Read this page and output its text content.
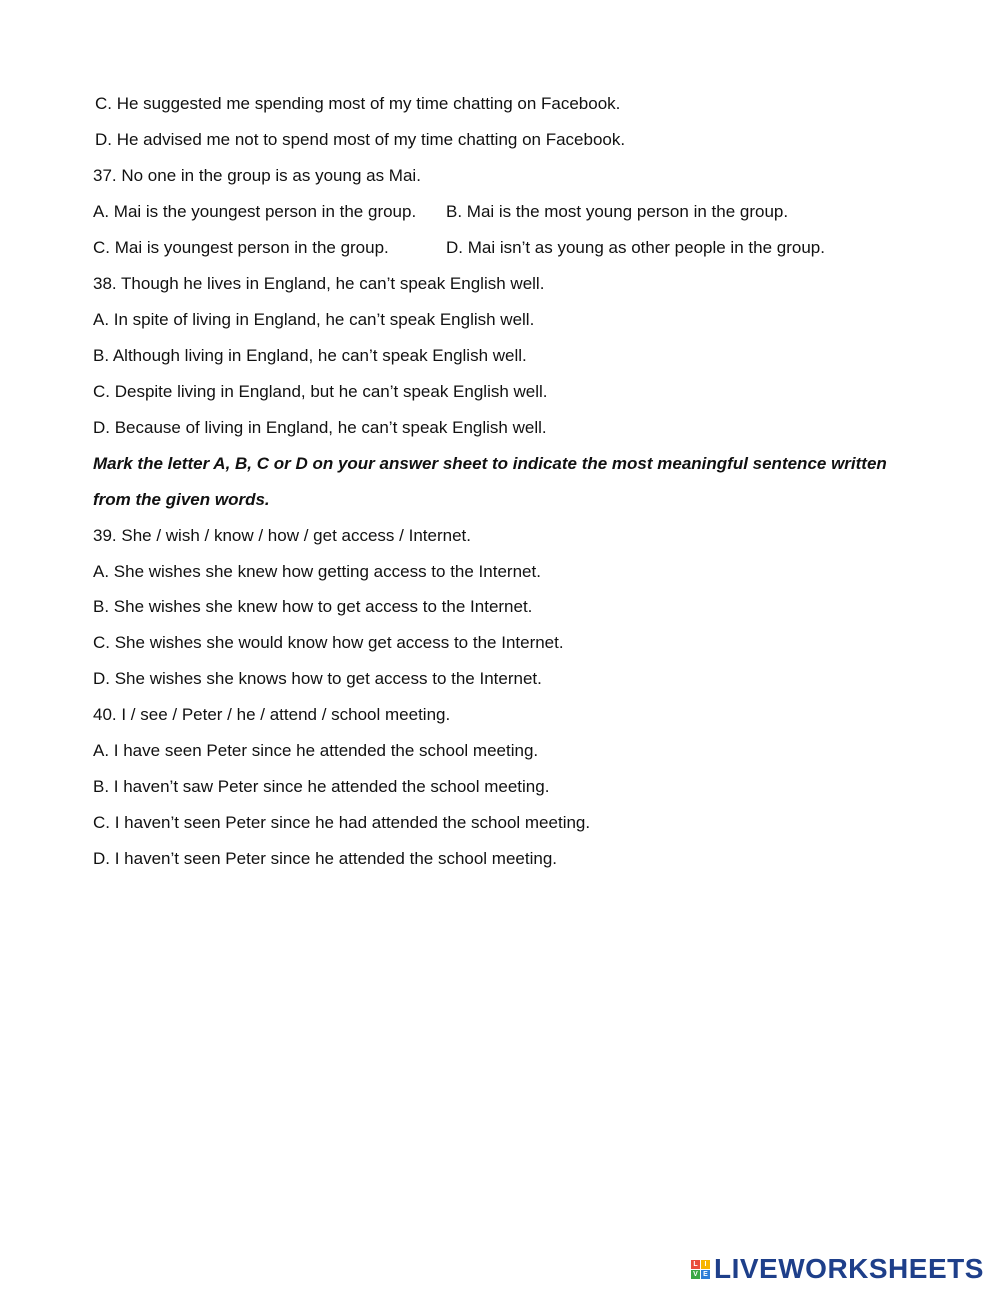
C. He suggested me spending most of my time chatting on Facebook.
D. He advised me not to spend most of my time chatting on Facebook.
37. No one in the group is as young as Mai.
A. Mai is the youngest person in the group. B. Mai is the most young person in the group.
C. Mai is youngest person in the group.	D. Mai isn’t as young as other people in the group.
38. Though he lives in England, he can’t speak English well.
A. In spite of living in England, he can’t speak English well.
B. Although living in England, he can’t speak English well.
C. Despite living in England, but he can’t speak English well.
D. Because of living in England, he can’t speak English well.
Mark the letter A, B, C or D on your answer sheet to indicate the most meaningful sentence written
from the given words.
39. She / wish / know / how / get access / Internet.
A. She wishes she knew how getting access to the Internet.
B. She wishes she knew how to get access to the Internet.
C. She wishes she would know how get access to the Internet.
D. She wishes she knows how to get access to the Internet.
40. I / see / Peter / he / attend / school meeting.
A. I have seen Peter since he attended the school meeting.
B. I haven’t saw Peter since he attended the school meeting.
C. I haven’t seen Peter since he had attended the school meeting.
D. I haven’t seen Peter since he attended the school meeting.
L I
V E LIVEWORKSHEETS
